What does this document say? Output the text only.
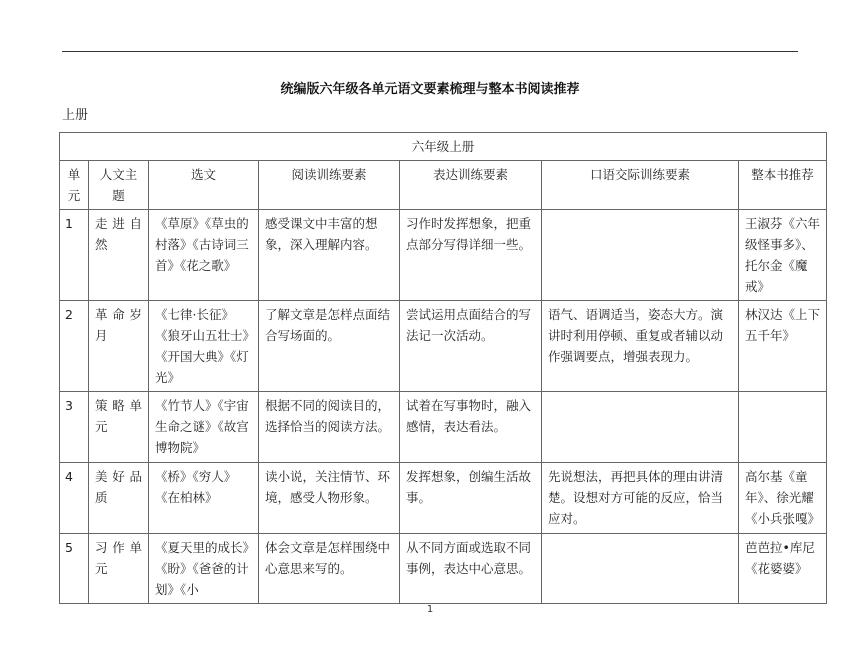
统编版六年级各单元语文要素梳理与整本书阅读推荐
上册
六年级上册						
单元	人文主题	选文	阅读训练要素	表达训练要素	口语交际训练要素	整本书推荐
1	走进自然	《草原》《草虫的村落》《古诗词三首》《花之歌》	感受课文中丰富的想象，深入理解内容。	习作时发挥想象，把重点部分写得详细一些。		王淑芬《六年级怪事多》、托尔金《魔戒》
2	革命岁月	《七律·长征》《狼牙山五壮士》《开国大典》《灯光》	了解文章是怎样点面结合写场面的。	尝试运用点面结合的写法记一次活动。	语气、语调适当，姿态大方。演讲时利用停顿、重复或者辅以动作强调要点，增强表现力。	林汉达《上下五千年》
3	策略单元	《竹节人》《宇宙生命之谜》《故宫博物院》	根据不同的阅读目的，选择恰当的阅读方法。	试着在写事物时，融入感情，表达看法。		
4	美好品质	《桥》《穷人》《在柏林》	读小说，关注情节、环境，感受人物形象。	发挥想象，创编生活故事。	先说想法，再把具体的理由讲清楚。设想对方可能的反应，恰当应对。	高尔基《童年》、徐光耀《小兵张嘎》
5	习作单元	《夏天里的成长》《盼》《爸爸的计划》《小	体会文章是怎样围绕中心意思来写的。	从不同方面或选取不同事例，表达中心意思。		芭芭拉•库尼《花婆婆》
1
